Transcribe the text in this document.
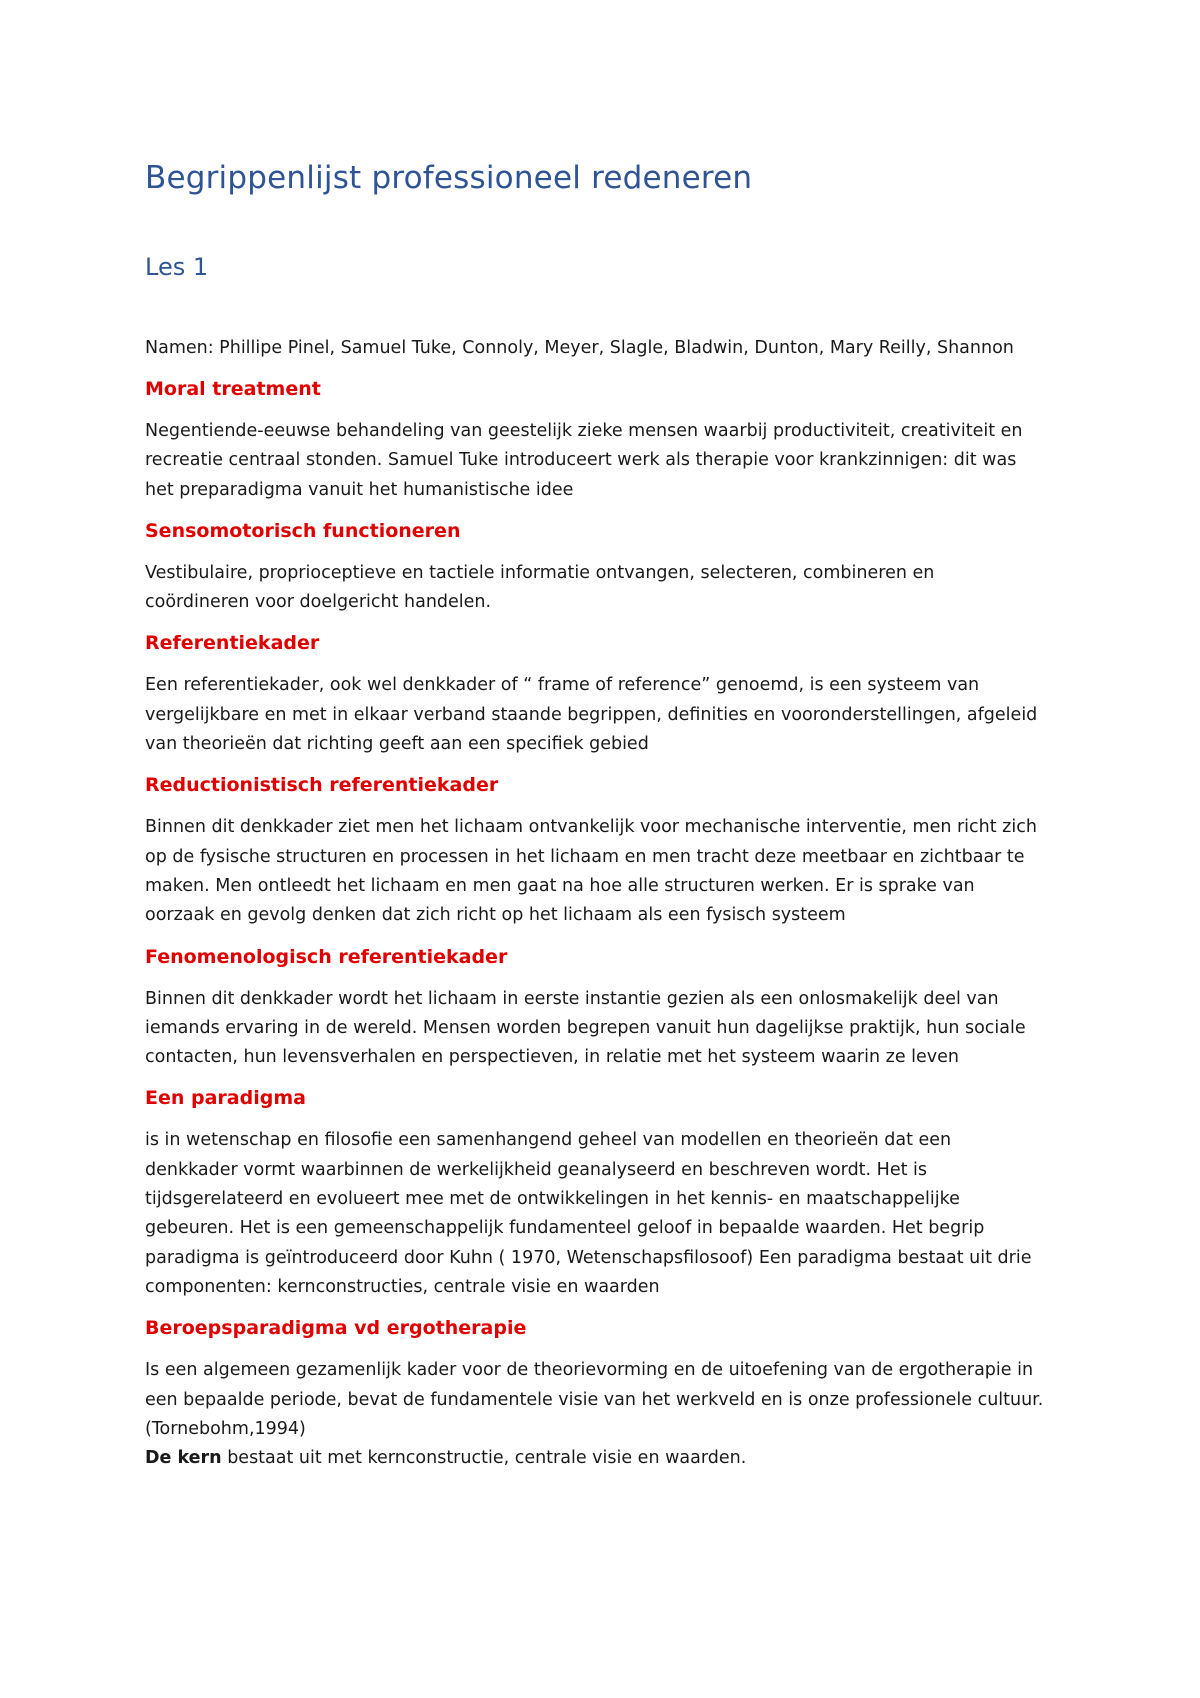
Begrippenlijst professioneel redeneren
Les 1

Namen: Phillipe Pinel, Samuel Tuke, Connoly, Meyer, Slagle, Bladwin, Dunton, Mary Reilly, Shannon

Moral treatment

Negentiende-eeuwse behandeling van geestelijk zieke mensen waarbij productiviteit, creativiteit en
recreatie centraal stonden. Samuel Tuke introduceert werk als therapie voor krankzinnigen: dit was
het preparadigma vanuit het humanistische idee

Sensomotorisch functioneren

Vestibulaire, proprioceptieve en tactiele informatie ontvangen, selecteren, combineren en
coördineren voor doelgericht handelen.

Referentiekader

Een referentiekader, ook wel denkkader of “ frame of reference” genoemd, is een systeem van
vergelijkbare en met in elkaar verband staande begrippen, definities en vooronderstellingen, afgeleid
van theorieën dat richting geeft aan een specifiek gebied

Reductionistisch referentiekader

Binnen dit denkkader ziet men het lichaam ontvankelijk voor mechanische interventie, men richt zich
op de fysische structuren en processen in het lichaam en men tracht deze meetbaar en zichtbaar te
maken. Men ontleedt het lichaam en men gaat na hoe alle structuren werken. Er is sprake van
oorzaak en gevolg denken dat zich richt op het lichaam als een fysisch systeem

Fenomenologisch referentiekader

Binnen dit denkkader wordt het lichaam in eerste instantie gezien als een onlosmakelijk deel van
iemands ervaring in de wereld. Mensen worden begrepen vanuit hun dagelijkse praktijk, hun sociale
contacten, hun levensverhalen en perspectieven, in relatie met het systeem waarin ze leven

Een paradigma

is in wetenschap en filosofie een samenhangend geheel van modellen en theorieën dat een
denkkader vormt waarbinnen de werkelijkheid geanalyseerd en beschreven wordt. Het is
tijdsgerelateerd en evolueert mee met de ontwikkelingen in het kennis- en maatschappelijke
gebeuren. Het is een gemeenschappelijk fundamenteel geloof in bepaalde waarden. Het begrip
paradigma is geïntroduceerd door Kuhn ( 1970, Wetenschapsfilosoof) Een paradigma bestaat uit drie
componenten: kernconstructies, centrale visie en waarden

Beroepsparadigma vd ergotherapie

Is een algemeen gezamenlijk kader voor de theorievorming en de uitoefening van de ergotherapie in
een bepaalde periode, bevat de fundamentele visie van het werkveld en is onze professionele cultuur.
(Tornebohm,1994)
De kern bestaat uit met kernconstructie, centrale visie en waarden.
